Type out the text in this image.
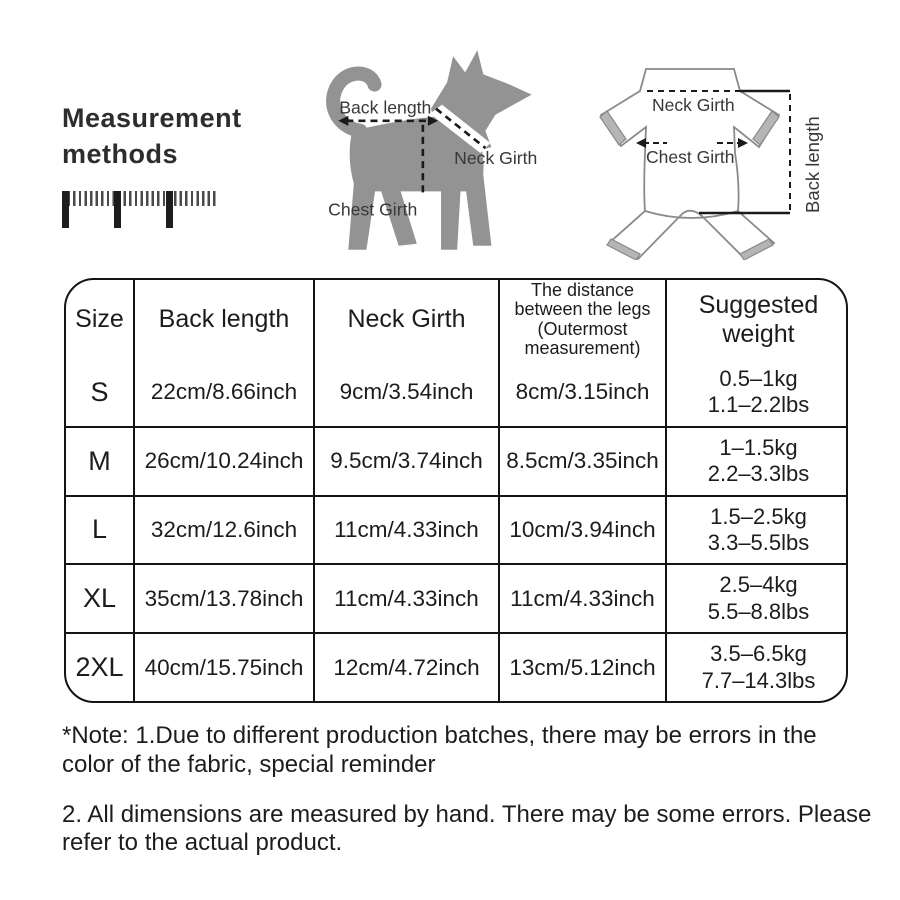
Measurement methods
Back length
Neck Girth
Chest Girth
Neck Girth
Chest Girth	Back length
Size	Back length	Neck Girth	The distance between the legs (Outermost measurement)	Suggested weight
S	22cm/8.66inch	9cm/3.54inch	8cm/3.15inch	0.5–1kg
1.1–2.2lbs

M	26cm/10.24inch	9.5cm/3.74inch	8.5cm/3.35inch	1–1.5kg
2.2–3.3lbs

L	32cm/12.6inch	11cm/4.33inch	10cm/3.94inch	1.5–2.5kg
3.3–5.5lbs

XL	35cm/13.78inch	11cm/4.33inch	11cm/4.33inch	2.5–4kg
5.5–8.8lbs

2XL	40cm/15.75inch	12cm/4.72inch	13cm/5.12inch	3.5–6.5kg
7.7–14.3lbs

*Note: 1.Due to different production batches, there may be errors in the color of the fabric, special reminder

2. All dimensions are measured by hand. There may be some errors. Please refer to the actual product.
